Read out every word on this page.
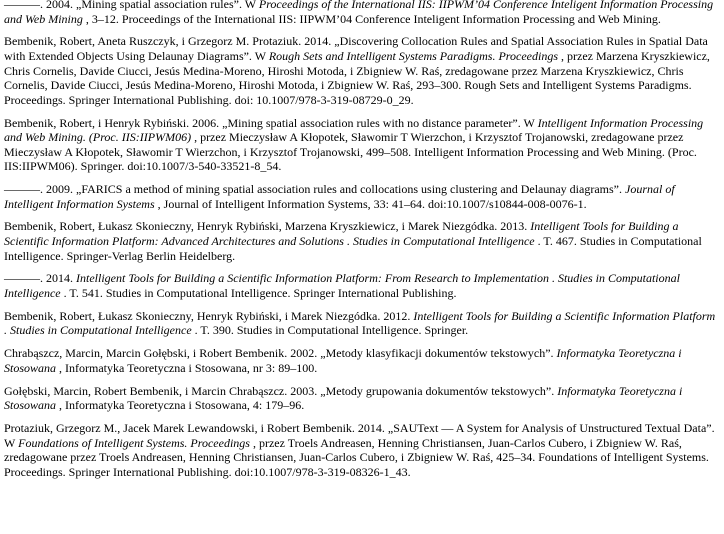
———. 2004. „Mining spatial association rules”. W Proceedings of the International IIS: IIPWM’04 Conference Inteligent Information Processing and Web Mining , 3–12. Proceedings of the International IIS: IIPWM’04 Conference Inteligent Information Processing and Web Mining.

Bembenik, Robert, Aneta Ruszczyk, i Grzegorz M. Protaziuk. 2014. „Discovering Collocation Rules and Spatial Association Rules in Spatial Data with Extended Objects Using Delaunay Diagrams”. W Rough Sets and Intelligent Systems Paradigms. Proceedings , przez Marzena Kryszkiewicz, Chris Cornelis, Davide Ciucci, Jesús Medina-Moreno, Hiroshi Motoda, i Zbigniew W. Raś, zredagowane przez Marzena Kryszkiewicz, Chris Cornelis, Davide Ciucci, Jesús Medina-Moreno, Hiroshi Motoda, i Zbigniew W. Raś, 293–300. Rough Sets and Intelligent Systems Paradigms. Proceedings. Springer International Publishing. doi: 10.1007/978-3-319-08729-0_29.

Bembenik, Robert, i Henryk Rybiński. 2006. „Mining spatial association rules with no distance parameter”. W Intelligent Information Processing and Web Mining. (Proc. IIS:IIPWM06) , przez Mieczysław A Kłopotek, Sławomir T Wierzchon, i Krzysztof Trojanowski, zredagowane przez Mieczysław A Kłopotek, Sławomir T Wierzchon, i Krzysztof Trojanowski, 499–508. Intelligent Information Processing and Web Mining. (Proc. IIS:IIPWM06). Springer. doi:10.1007/3-540-33521-8_54.

———. 2009. „FARICS a method of mining spatial association rules and collocations using clustering and Delaunay diagrams”. Journal of Intelligent Information Systems , Journal of Intelligent Information Systems, 33: 41–64. doi:10.1007/s10844-008-0076-1.

Bembenik, Robert, Łukasz Skonieczny, Henryk Rybiński, Marzena Kryszkiewicz, i Marek Niezgódka. 2013. Intelligent Tools for Building a Scientific Information Platform: Advanced Architectures and Solutions . Studies in Computational Intelligence . T. 467. Studies in Computational Intelligence. Springer-Verlag Berlin Heidelberg.

———. 2014. Intelligent Tools for Building a Scientific Information Platform: From Research to Implementation . Studies in Computational Intelligence . T. 541. Studies in Computational Intelligence. Springer International Publishing.

Bembenik, Robert, Łukasz Skonieczny, Henryk Rybiński, i Marek Niezgódka. 2012. Intelligent Tools for Building a Scientific Information Platform . Studies in Computational Intelligence . T. 390. Studies in Computational Intelligence. Springer.

Chrabąszcz, Marcin, Marcin Gołębski, i Robert Bembenik. 2002. „Metody klasyfikacji dokumentów tekstowych”. Informatyka Teoretyczna i Stosowana , Informatyka Teoretyczna i Stosowana, nr 3: 89–100.

Gołębski, Marcin, Robert Bembenik, i Marcin Chrabąszcz. 2003. „Metody grupowania dokumentów tekstowych”. Informatyka Teoretyczna i Stosowana , Informatyka Teoretyczna i Stosowana, 4: 179–96.

Protaziuk, Grzegorz M., Jacek Marek Lewandowski, i Robert Bembenik. 2014. „SAUText — A System for Analysis of Unstructured Textual Data”. W Foundations of Intelligent Systems. Proceedings , przez Troels Andreasen, Henning Christiansen, Juan-Carlos Cubero, i Zbigniew W. Raś, zredagowane przez Troels Andreasen, Henning Christiansen, Juan-Carlos Cubero, i Zbigniew W. Raś, 425–34. Foundations of Intelligent Systems. Proceedings. Springer International Publishing. doi:10.1007/978-3-319-08326-1_43.
